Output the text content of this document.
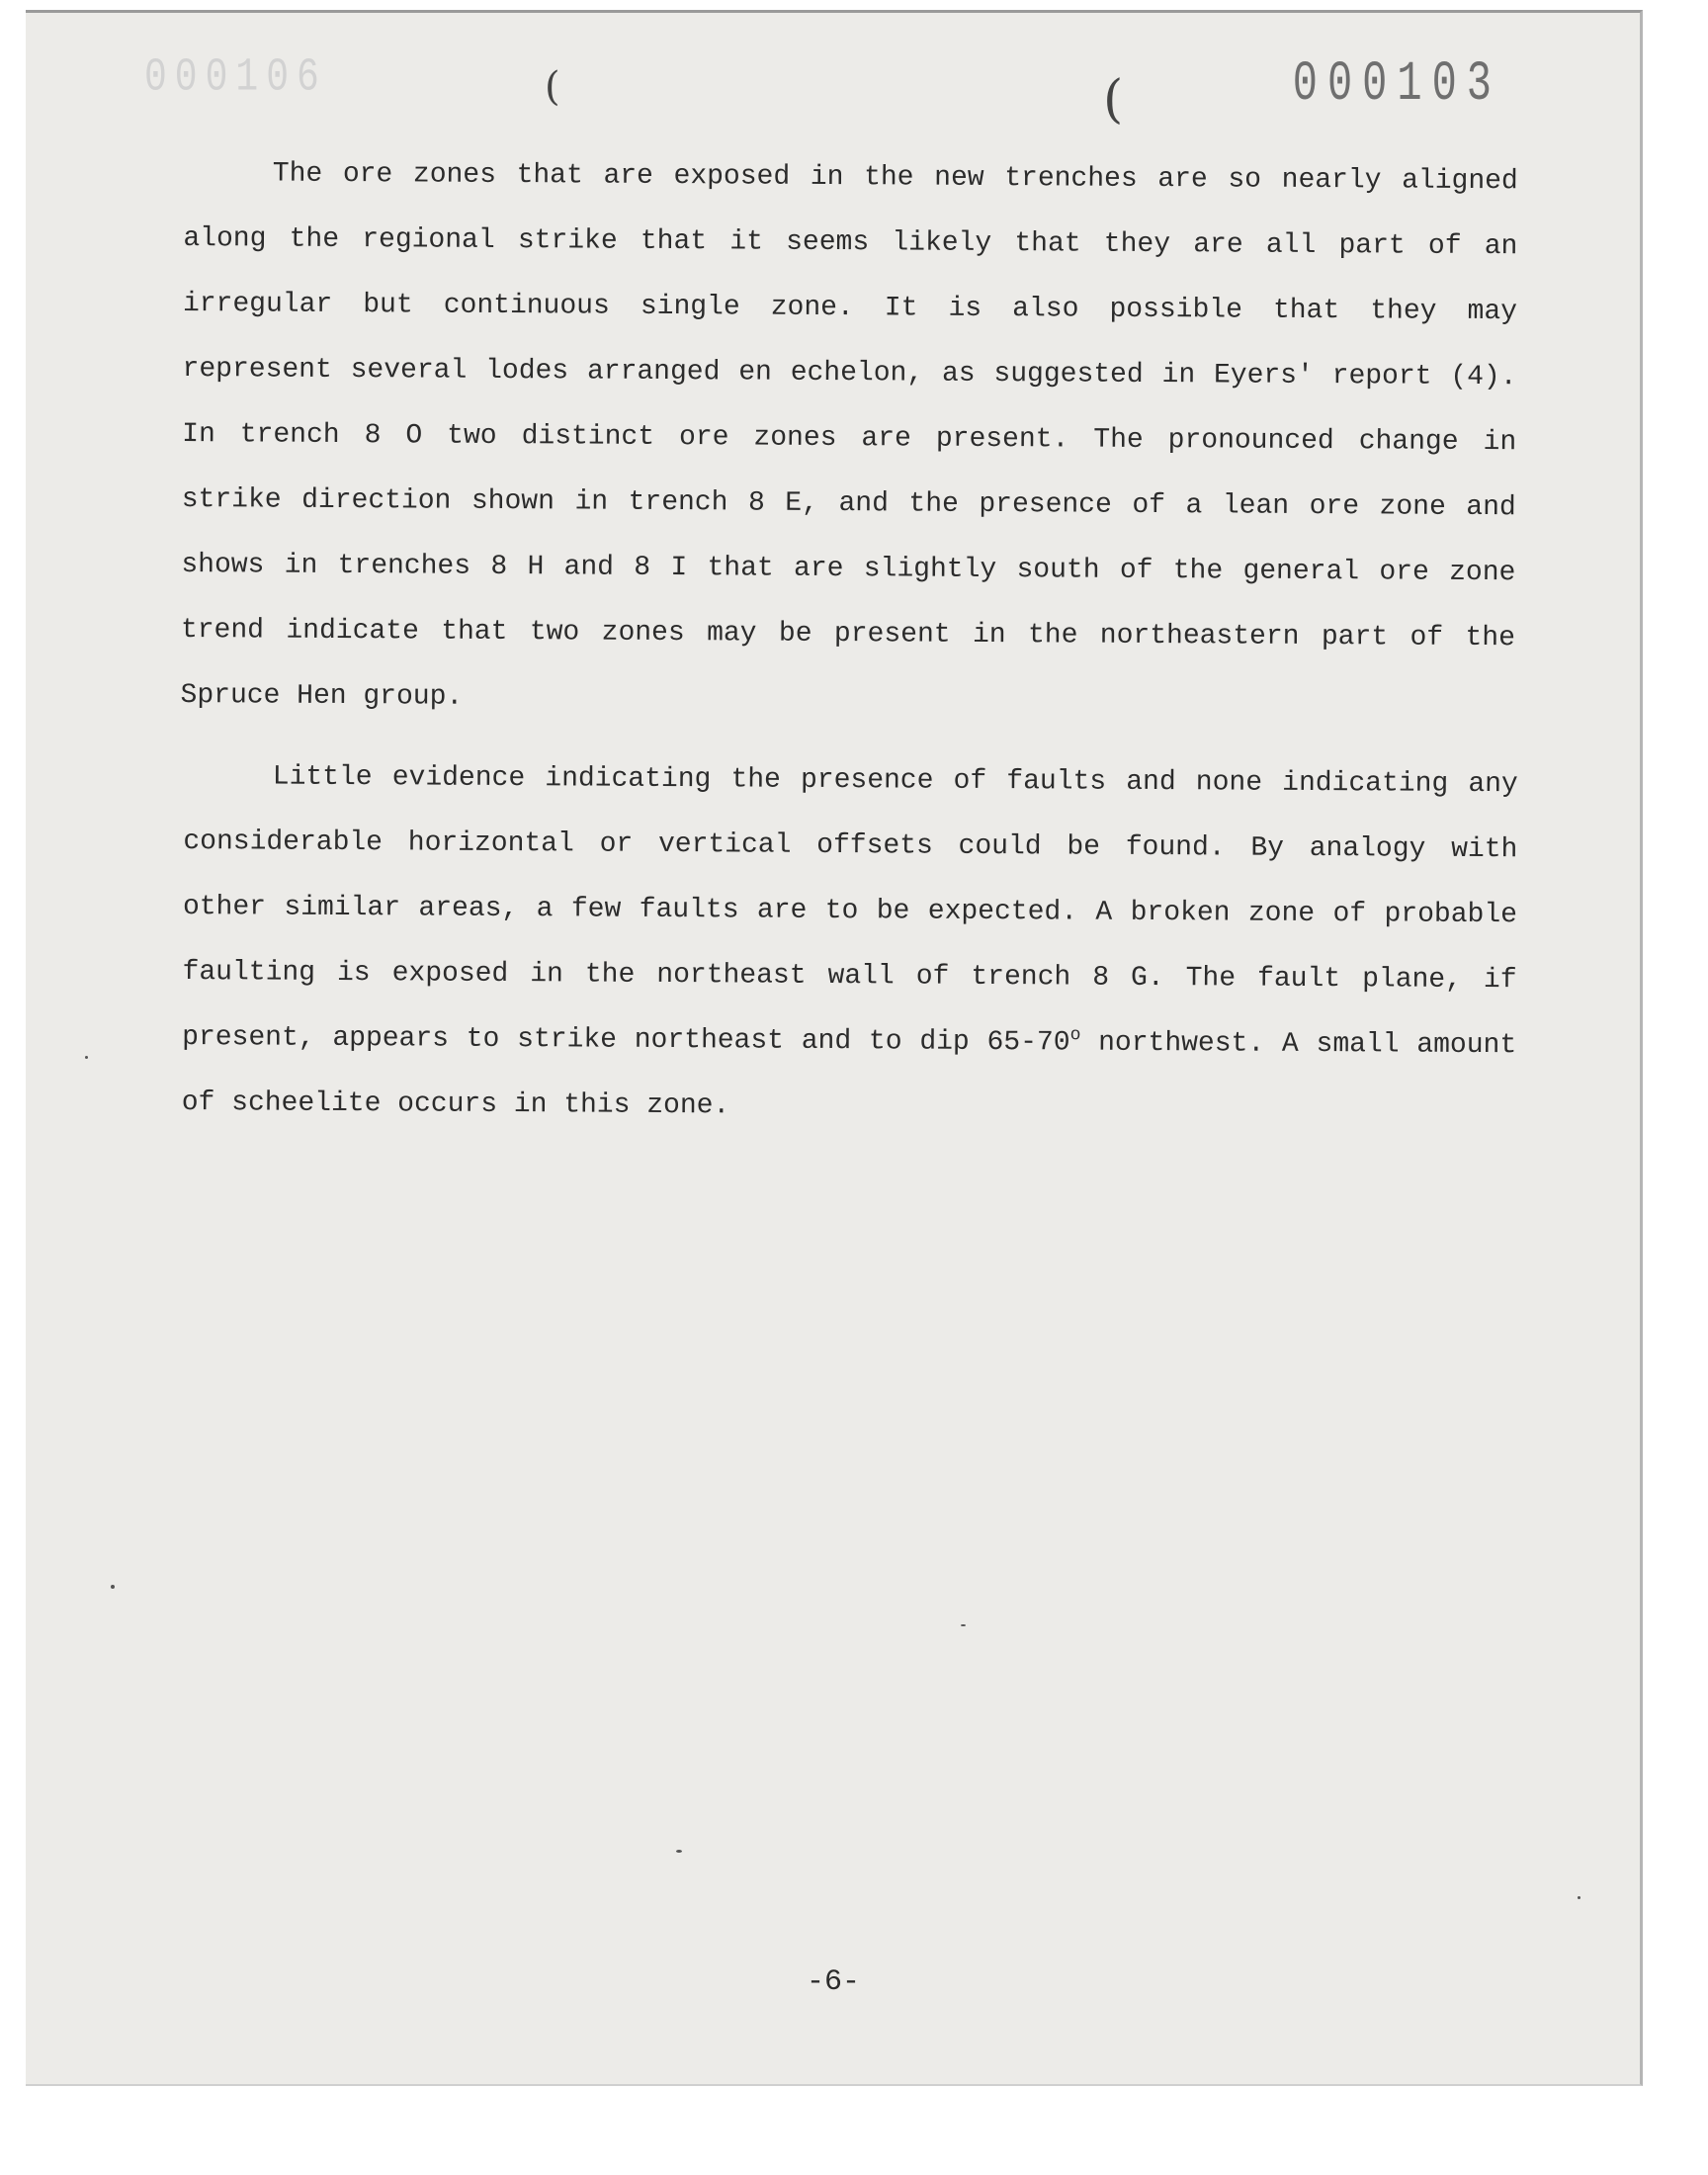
000106	000103
(	(

The ore zones that are exposed in the new trenches are so nearly aligned along the regional strike that it seems likely that they are all part of an irregular but continuous single zone. It is also possible that they may represent several lodes arranged en echelon, as suggested in Eyers' report (4). In trench 8 O two distinct ore zones are present. The pronounced change in strike direction shown in trench 8 E, and the presence of a lean ore zone and shows in trenches 8 H and 8 I that are slightly south of the general ore zone trend indicate that two zones may be present in the northeastern part of the Spruce Hen group.

Little evidence indicating the presence of faults and none indicating any considerable horizontal or vertical offsets could be found. By analogy with other similar areas, a few faults are to be expected. A broken zone of probable faulting is exposed in the northeast wall of trench 8 G. The fault plane, if present, appears to strike northeast and to dip 65-70$^o$ northwest. A small amount of scheelite occurs in this zone.

-6-
